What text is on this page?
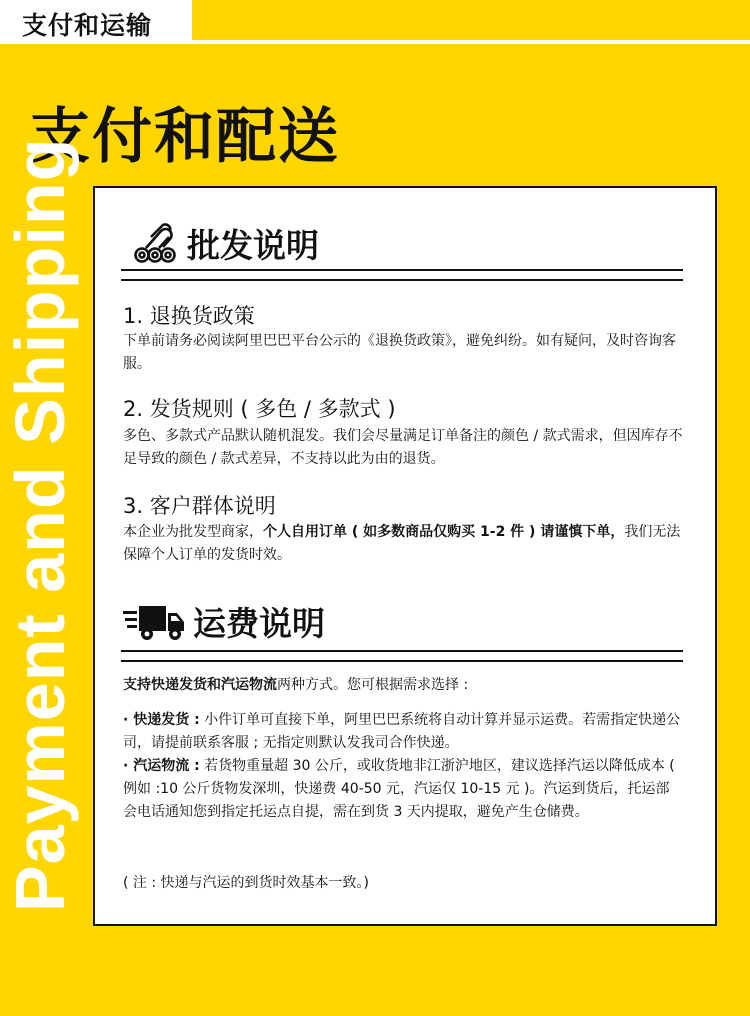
支付和运输
支付和配送
Payment and Shipping	批发说明
1. 退换货政策
下单前请务必阅读阿里巴巴平台公示的《退换货政策》，避免纠纷。如有疑问，及时咨询客服。
2. 发货规则 ( 多色 / 多款式 )
多色、多款式产品默认随机混发。我们会尽量满足订单备注的颜色 / 款式需求，但因库存不足导致的颜色 / 款式差异，不支持以此为由的退货。
3. 客户群体说明
本企业为批发型商家，个人自用订单 ( 如多数商品仅购买 1-2 件 ) 请谨慎下单，我们无法保障个人订单的发货时效。
运费说明
支持快递发货和汽运物流两种方式。您可根据需求选择 :
· 快递发货 : 小件订单可直接下单，阿里巴巴系统将自动计算并显示运费。若需指定快递公司，请提前联系客服 ; 无指定则默认发我司合作快递。
· 汽运物流 : 若货物重量超 30 公斤，或收货地非江浙沪地区，建议选择汽运以降低成本 ( 例如 :10 公斤货物发深圳，快递费 40-50 元，汽运仅 10-15 元 )。汽运到货后，托运部会电话通知您到指定托运点自提，需在到货 3 天内提取，避免产生仓储费。
( 注 : 快递与汽运的到货时效基本一致。)
